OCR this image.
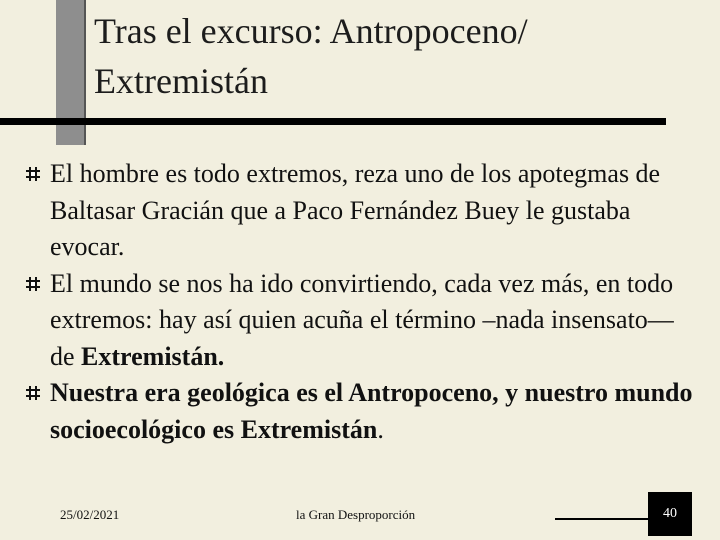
Tras el excurso: Antropoceno/ Extremistán
El hombre es todo extremos, reza uno de los apotegmas de Baltasar Gracián que a Paco Fernández Buey le gustaba evocar.
El mundo se nos ha ido convirtiendo, cada vez más, en todo extremos: hay así quien acuña el término –nada insensato— de Extremistán.
Nuestra era geológica es el Antropoceno, y nuestro mundo socioecológico es Extremistán.
25/02/2021	la Gran Desproporción	40
